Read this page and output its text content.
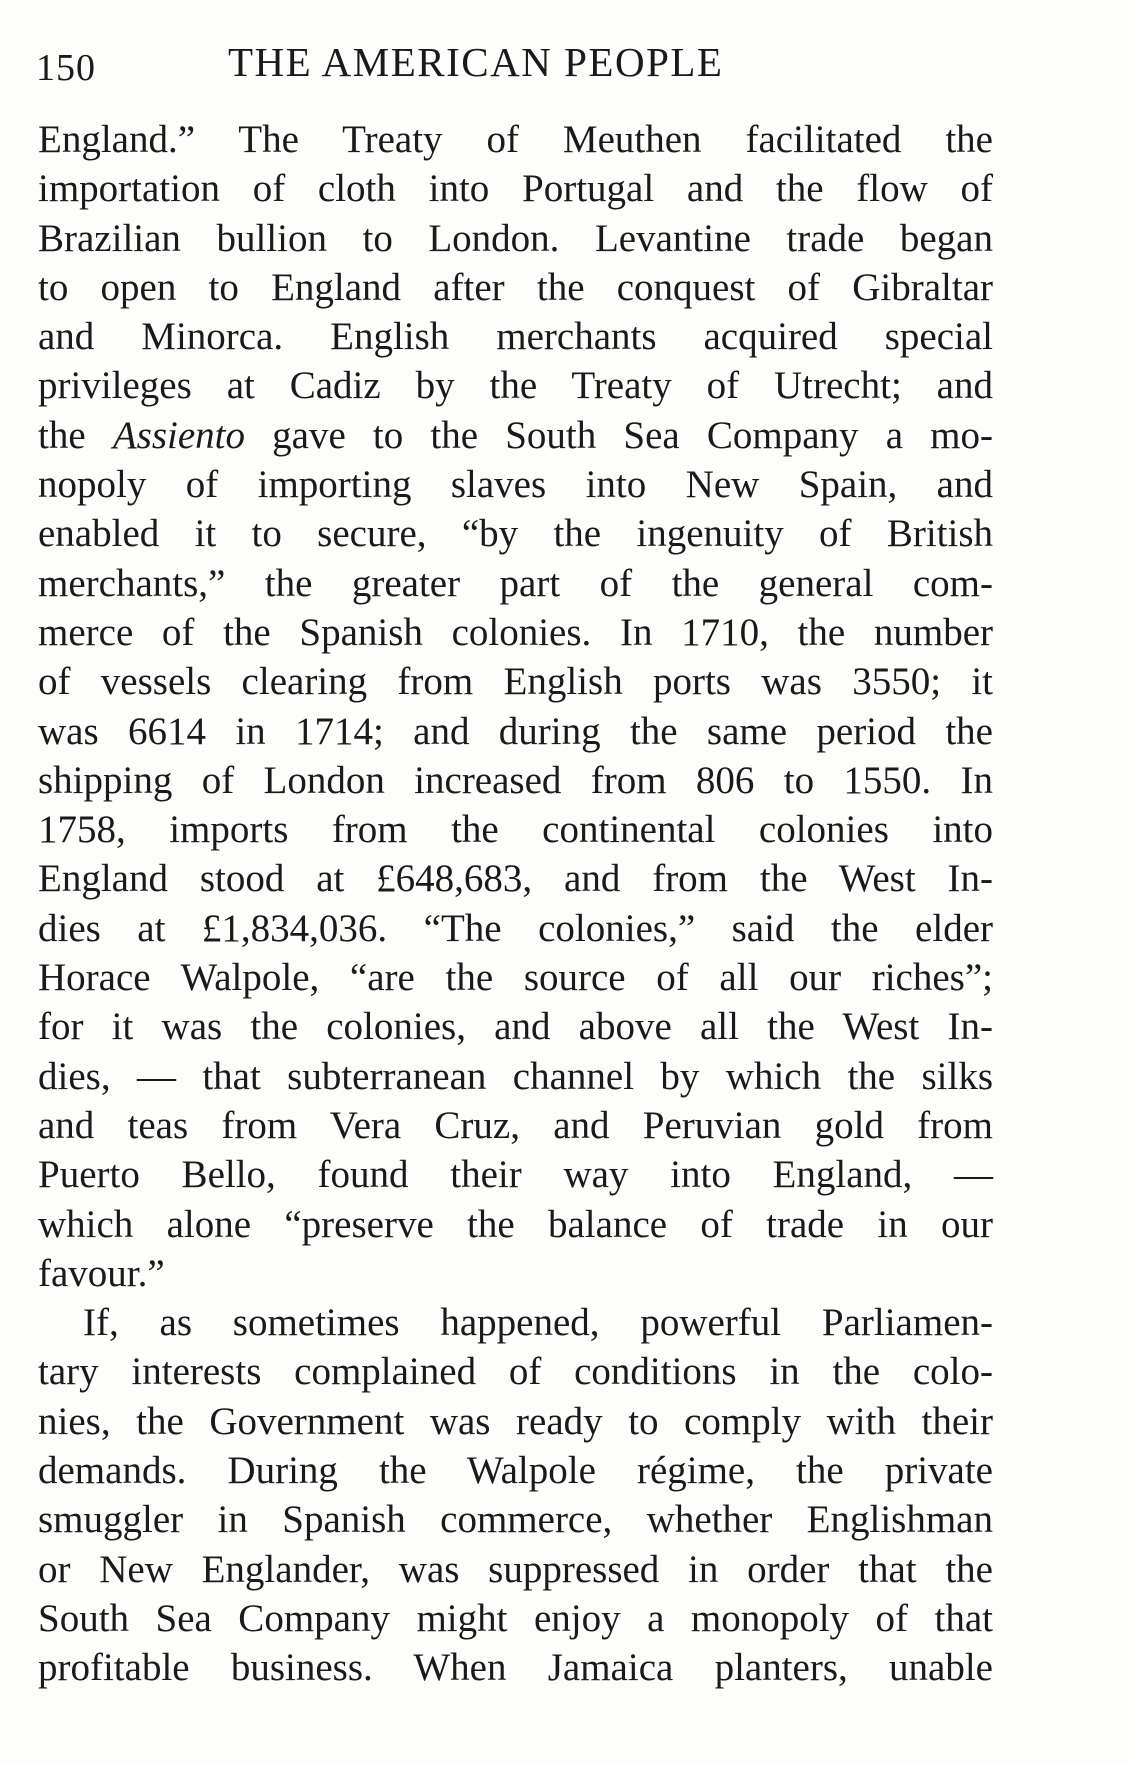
150	THE AMERICAN PEOPLE
England.” The Treaty of Meuthen facilitated the
importation of cloth into Portugal and the flow of
Brazilian bullion to London. Levantine trade began
to open to England after the conquest of Gibraltar
and Minorca. English merchants acquired special
privileges at Cadiz by the Treaty of Utrecht; and
the Assiento gave to the South Sea Company a mo-
nopoly of importing slaves into New Spain, and
enabled it to secure, “by the ingenuity of British
merchants,” the greater part of the general com-
merce of the Spanish colonies. In 1710, the number
of vessels clearing from English ports was 3550; it
was 6614 in 1714; and during the same period the
shipping of London increased from 806 to 1550. In
1758, imports from the continental colonies into
England stood at £648,683, and from the West In-
dies at £1,834,036. “The colonies,” said the elder
Horace Walpole, “are the source of all our riches”;
for it was the colonies, and above all the West In-
dies, — that subterranean channel by which the silks
and teas from Vera Cruz, and Peruvian gold from
Puerto Bello, found their way into England, —
which alone “preserve the balance of trade in our
favour.”
If, as sometimes happened, powerful Parliamen-
tary interests complained of conditions in the colo-
nies, the Government was ready to comply with their
demands. During the Walpole régime, the private
smuggler in Spanish commerce, whether Englishman
or New Englander, was suppressed in order that the
South Sea Company might enjoy a monopoly of that
profitable business. When Jamaica planters, unable
